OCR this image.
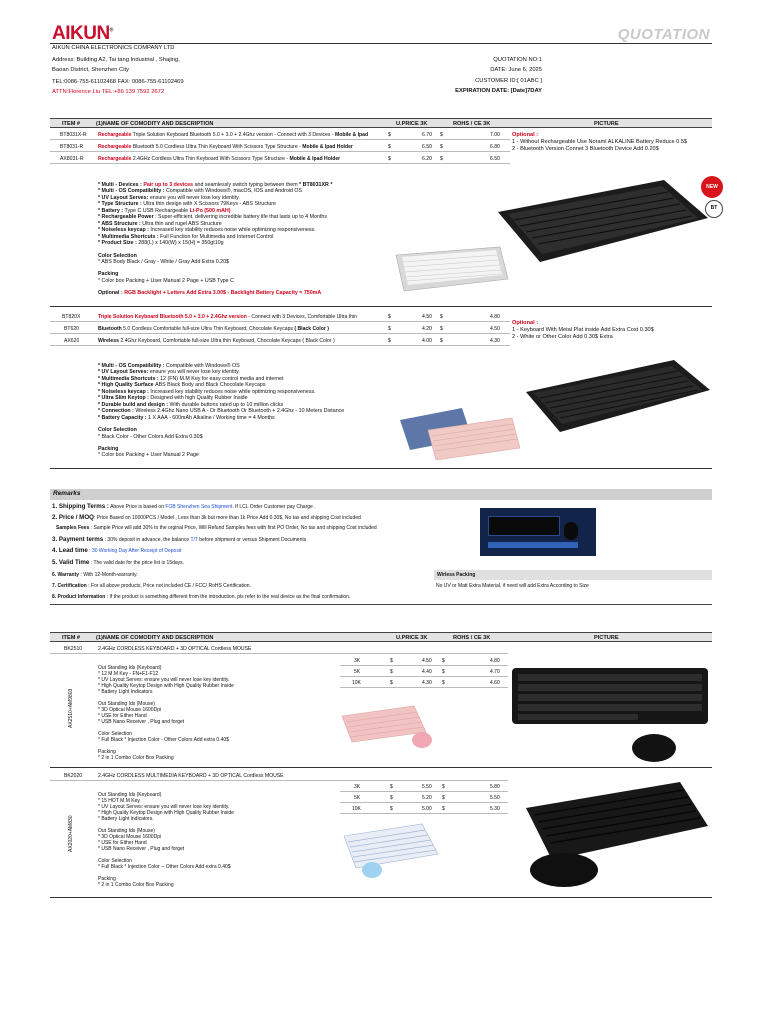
AIKUN®	QUOTATION
AIKUN CHINA ELECTRONICS COMPANY LTD
Address: Building A2, Tai tang Industrial , Shajing,
Baoan District, Shenzhen City
TEL:0086-755-61102468 FAX: 0086-755-61102469
ATTN:Florence Liu TEL:+86 139 7592 2672
QUOTATION NO:1
DATE: June 6, 2025
CUSTOMER ID:[ 01ABC ]
EXPIRATION DATE: [Date]7DAY
ITEM #	(1)NAME OF COMODITY AND DESCRIPTION	U.PRICE 3K	ROHS / CE 3K	PICTURE
BT8031X-R Rechargeable Triple Solution Keyboard Bluetooth 5.0 + 3.0 + 2.4Ghz version - Connect with 3 Devices - Mobile & Ipad	$	6.70 $	7.00
BT8031-R	Rechargeable Bluetooth 5.0 Cordless Ultra Thin Keyboard With Scissors Type Structure - Mobile & Ipad Holder	$	6.50 $	6.80
AX8031-R	Rechargeable 2.4GHz Cordless Ultra Thin Keyboard With Scissors Type Structure - Mobile & Ipad Holder	$	6.20 $	6.50
Optional :
1 - Without Rechargeable Use Noraml ALKALINE Battery Reduce 0.5$
2 - Bluetooth Version Connet 3 Bluetooth Device Add 0.20$
* Multi - Devices : Pair up to 3 devices and seamlessly switch typing between them * BT8031XR *
* Multi - OS Compatibility : Compatible with Windows®, macOS, IOS and Android OS
* UV Layout Serves: ensure you will never lose key identity.
* Type Structure : Ultra thin design with X Scissors 79Keys - ABS Structure
* Battery : Type C USB Rechargeable Li-Po (500 mAH)
* Rechargeable Power : Super-efficient, delivering incredible battery life that lasts up to 4 Months
* ABS Structure : Ultra thin and rugel ABS Structure
* Noiseless keycap : Increased key stability reduces noise while optimizing responsiveness.
* Multimedia Shortcuts : Full Function for Multimedia and Internet Control
* Product Size : 288(L) x 140(W) x 15(H) = 350gt10g
Color Selection
* ABS Body Black / Gray - White / Gray Add Extra 0.20$
Packing
* Color box Packing + User Manual 2 Page + USB Type C
Optional : RGB Backlight + Letters Add Extra 3.00$ - Backlight Battery Capacity = 750mA
NEW
BT
BT820X	Triple Solution Keyboard Bluetooth 5.0 + 3.0 + 2.4Ghz version - Connect with 3 Devices, Comfortable Ultra thin	$	4.50 $	4.80
BT620	Bluetooth 5.0 Cordless Comfortable full-size Ultra Thin Keyboard, Chocolate Keycaps ( Black Color )	$	4.20 $	4.50
AX620	Wireless 2.4Ghz Keyboard, Comfortable full-size Ultra thin Keyboard, Chocolate Keycaps ( Black Color )	$	4.00 $	4.30
Optional :
1 - Keyboard With Metal Plat inside Add Extra Cost 0.30$
2 - White or Other Color Add 0.30$ Extra
* Multi - OS Compatibility : Compatible with Windows® OS
* UV Layout Serves: ensure you will never lose key identity.
* Multimedia Shortcuts : 12 (FN) M.M Key for easy control media and internet
* High Quality Surface ABS Black Body and Black Chocolate Keycaps
* Noiseless keycap : Increased key stability reduces noise while optimizing responsiveness.
* Ultra Slim Keytop : Designed with high Quality Rubber Inside
* Durable build and design : With durable buttons rated up to 10 million clicks
* Connection : Wireless 2.4Ghz Nano USB A - Or Bluetooth Or Bluetooth + 2.4Ghz - 10 Meters Distance
* Battery Capacity : 1 X AAA - 600mAh Alkaline / Working time = 4 Months
Color Selection
* Black Color - Other Colors Add Extra 0.30$
Packing
* Color box Packing + User Manual 2 Page
Remarks
1. Shipping Terms : Above Price is based on FOB Shenzhen Sea Shipment. If LCL Order Customer pay Charge .
2. Price / MOQ: Price Based on 10000PCS / Model , Less than 3k but more than 1k Price Add 0.30$, No tax and shipping Cost included
Samples Fees : Sample Price will add 30% to the orginal Price, Will Refund Samples fees with first PO Order, No tax and shipping Cost included
3. Payment terms : 30% deposit in advance, the balance T/T before shipment or versus Shipment Documents
4. Lead time : 30 Working Day After Receipt of Deposit
5. Valid Time : The valid date for the price list is 15days.
6. Warranty : With 12-Month-warranty.
7. Certification : For all above products, Price not included CE / FCC/ RoHS Certification.
8. Product Information : If the product is something different from the introduction, pls refer to the real device as the final confirmation.
Wirless Packing
No UV or Matt Extra Material, if need will add Extra According to Size
ITEM #	(1)NAME OF COMODITY AND DESCRIPTION	U.PRICE 3K	ROHS / CE 3K	PICTURE
BK2510	2.4GHz CORDLESS KEYBOARD + 3D OPTICAL Cordless MOUSE
3K	$	4.50 $	4.80
5K	$	4.40 $	4.70
10K	$	4.30 $	4.60
AX2510+AM9803
Out Standing Ids (Keyboard)
* 12 M.M Key - FN+F1-F12
* UV Layout Serves: ensure you will never lose key identity.
* High Quality Keytop Design with High Quality Rubber Inside
* Battery Light Indicators
Out Standing Ids (Mouse)
* 3D Optical Mouse 1600Dpi
* USE for Either Hand
* USB Nano Receiver , Plug and forget
Color Selection
* Full Black * Injection Color - Other Colors Add extra 0.40$
Packing
* 2 in 1 Combo Color Box Packing
BK2020	2.4GHz CORDLESS MULTIMEDIA KEYBOARD + 3D OPTICAL Cordless MOUSE
3K	$	5.50 $	5.80
5K	$	5.20 $	5.50
10K	$	5.00 $	5.30
AX2020+AM830
Out Standing Ids (Keyboard)
* 15 HOT M.M Key
* UV Layout Serves: ensure you will never lose key identity.
* High Quality Keytop Design with High Quality Rubber Inside
* Battery Light indicators.
Out Standing Ids (Mouse)
* 3D Optical Mouse 1600Dpi
* USE for Either Hand
* USB Nano Receiver , Plug and forget
Color Selection
* Full Black * Injection Color -- Other Colors Add extra 0.40$
Packing
* 2 in 1 Combo Color Box Packing
